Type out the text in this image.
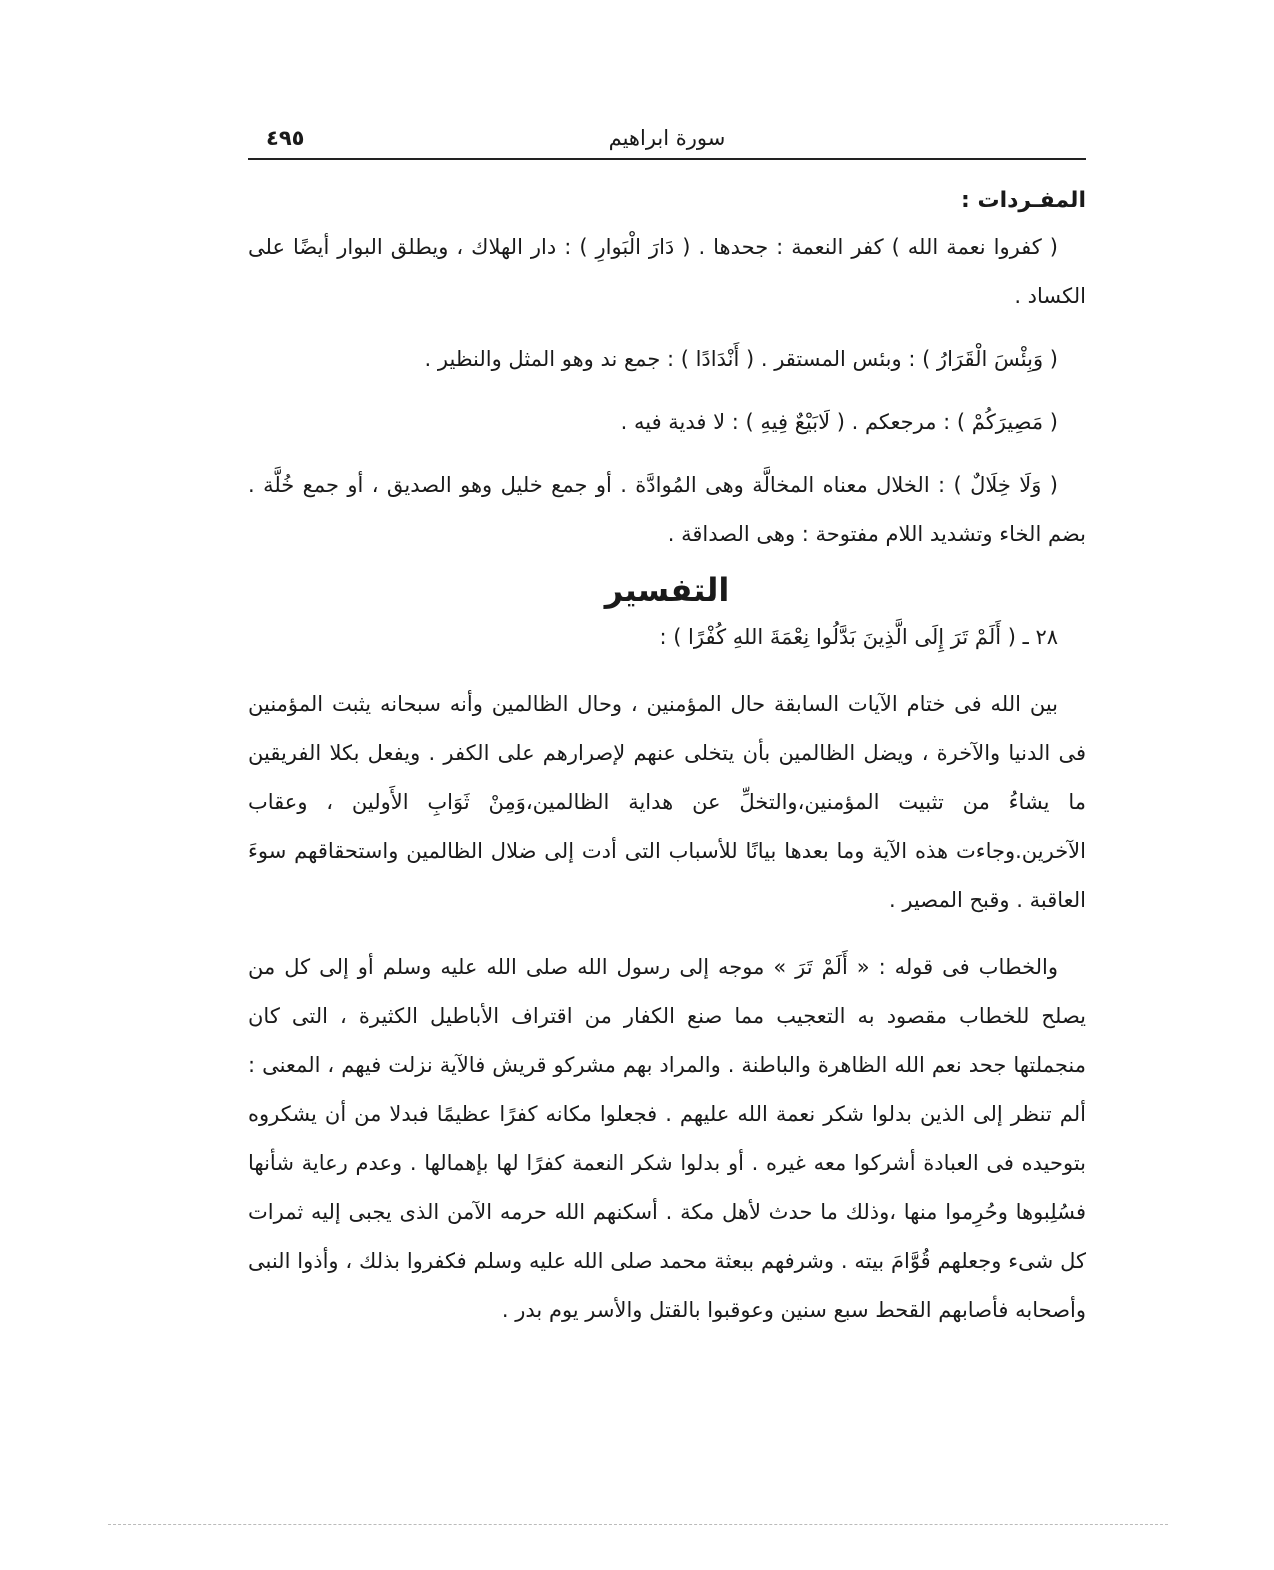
سورة ابراهيم
٤٩٥
المفـردات :

( كفروا نعمة الله ) كفر النعمة : جحدها . ( دَارَ الْبَوارِ ) : دار الهلاك ، ويطلق البوار أيضًا على الكساد .

( وَبِئْسَ الْقَرَارُ ) : وبئس المستقر . ( أَنْدَادًا ) : جمع ند وهو المثل والنظير .

( مَصِيرَكُمْ ) : مرجعكم . ( لَابَيْعٌ فِيهِ ) : لا فدية فيه .

( وَلَا خِلَالٌ ) : الخلال معناه المخالَّة وهى المُوادَّة . أو جمع خليل وهو الصديق ، أو جمع خُلَّة . بضم الخاء وتشديد اللام مفتوحة : وهى الصداقة .

التفسير

٢٨ ـ ( أَلَمْ تَرَ إِلَى الَّذِينَ بَدَّلُوا نِعْمَةَ اللهِ كُفْرًا ) :

بين الله فى ختام الآيات السابقة حال المؤمنين ، وحال الظالمين وأنه سبحانه يثبت المؤمنين فى الدنيا والآخرة ، ويضل الظالمين بأن يتخلى عنهم لإصرارهم على الكفر . ويفعل بكلا الفريقين ما يشاءُ من تثبيت المؤمنين،والتخلِّ عن هداية الظالمين،وَمِنْ ثَوَابِ الأَولين ، وعقاب الآخرين.وجاءت هذه الآية وما بعدها بيانًا للأسباب التى أدت إلى ضلال الظالمين واستحقاقهم سوءَ العاقبة . وقبح المصير .

والخطاب فى قوله : « أَلَمْ تَرَ » موجه إلى رسول الله صلى الله عليه وسلم أو إلى كل من يصلح للخطاب مقصود به التعجيب مما صنع الكفار من اقتراف الأباطيل الكثيرة ، التى كان منجملتها جحد نعم الله الظاهرة والباطنة . والمراد بهم مشركو قريش فالآية نزلت فيهم ، المعنى : ألم تنظر إلى الذين بدلوا شكر نعمة الله عليهم . فجعلوا مكانه كفرًا عظيمًا فبدلا من أن يشكروه بتوحيده فى العبادة أشركوا معه غيره . أو بدلوا شكر النعمة كفرًا لها بإهمالها . وعدم رعاية شأنها فسُلِبوها وحُرِموا منها ،وذلك ما حدث لأهل مكة . أسكنهم الله حرمه الآمن الذى يجبى إليه ثمرات كل شىء وجعلهم قُوَّامَ بيته . وشرفهم ببعثة محمد صلى الله عليه وسلم فكفروا بذلك ، وأذوا النبى وأصحابه فأصابهم القحط سبع سنين وعوقبوا بالقتل والأسر يوم بدر .
